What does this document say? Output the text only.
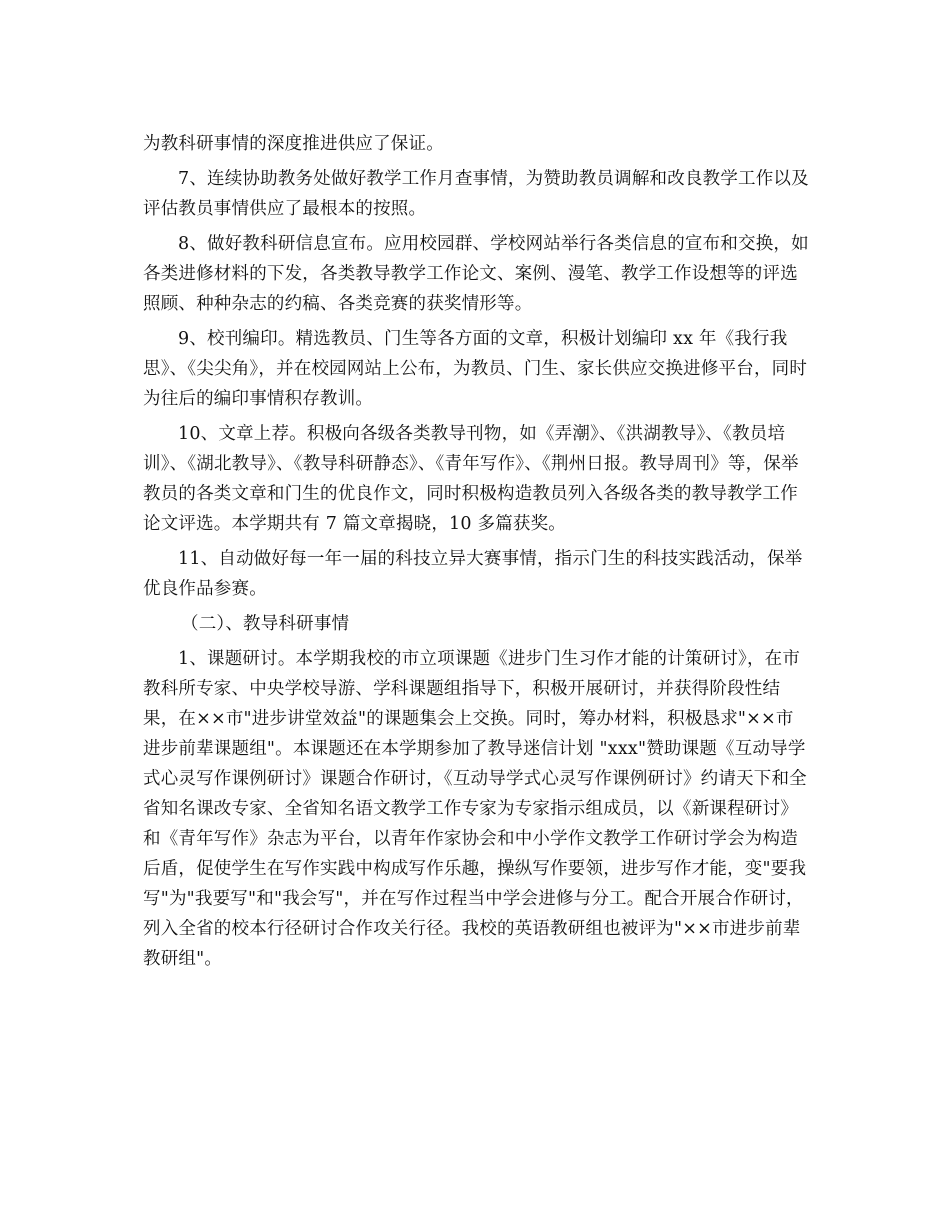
为教科研事情的深度推进供应了保证。

7、连续协助教务处做好教学工作月查事情，为赞助教员调解和改良教学工作以及评估教员事情供应了最根本的按照。

8、做好教科研信息宣布。应用校园群、学校网站举行各类信息的宣布和交换，如各类进修材料的下发，各类教导教学工作论文、案例、漫笔、教学工作设想等的评选照顾、种种杂志的约稿、各类竞赛的获奖情形等。

9、校刊编印。精选教员、门生等各方面的文章，积极计划编印 xx 年《我行我思》、《尖尖角》，并在校园网站上公布，为教员、门生、家长供应交换进修平台，同时为往后的编印事情积存教训。

10、文章上荐。积极向各级各类教导刊物，如《弄潮》、《洪湖教导》、《教员培训》、《湖北教导》、《教导科研静态》、《青年写作》、《荆州日报。教导周刊》等，保举教员的各类文章和门生的优良作文，同时积极构造教员列入各级各类的教导教学工作论文评选。本学期共有 7 篇文章揭晓，10 多篇获奖。

11、自动做好每一年一届的科技立异大赛事情，指示门生的科技实践活动，保举优良作品参赛。

（二）、教导科研事情

1、课题研讨。本学期我校的市立项课题《进步门生习作才能的计策研讨》，在市教科所专家、中央学校导游、学科课题组指导下，积极开展研讨，并获得阶段性结果，在××市"进步讲堂效益"的课题集会上交换。同时，筹办材料，积极恳求"××市进步前辈课题组"。本课题还在本学期参加了教导迷信计划 "xxx"赞助课题《互动导学式心灵写作课例研讨》课题合作研讨，《互动导学式心灵写作课例研讨》约请天下和全省知名课改专家、全省知名语文教学工作专家为专家指示组成员，以《新课程研讨》和《青年写作》杂志为平台，以青年作家协会和中小学作文教学工作研讨学会为构造后盾，促使学生在写作实践中构成写作乐趣，操纵写作要领，进步写作才能，变"要我写"为"我要写"和"我会写"，并在写作过程当中学会进修与分工。配合开展合作研讨，列入全省的校本行径研讨合作攻关行径。我校的英语教研组也被评为"××市进步前辈教研组"。
